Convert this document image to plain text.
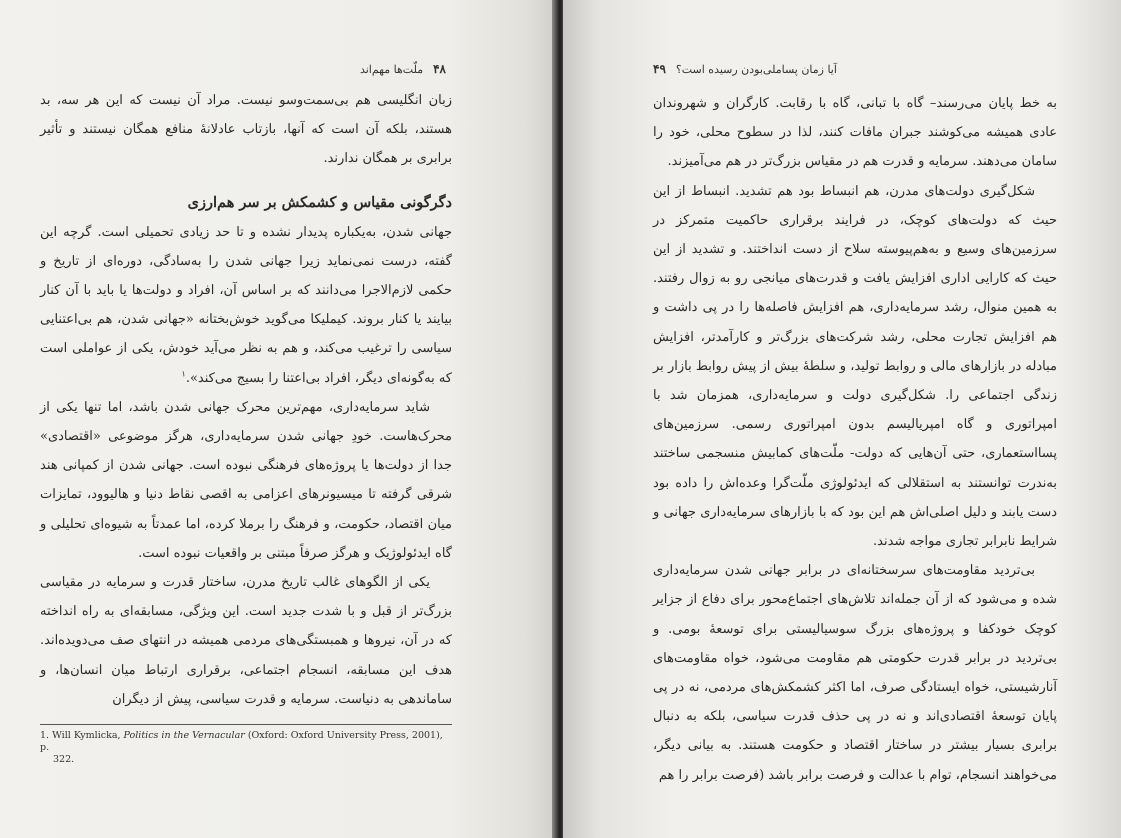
۴۸
ملّت‌ها مهم‌اند

زبان انگلیسی هم بی‌سمت‌وسو نیست. مراد آن نیست که این هر سه، بد هستند، بلکه آن است که آنها، بازتاب عادلانهٔ منافع همگان نیستند و تأثیر برابری بر همگان ندارند.

دگرگونی مقیاس و کشمکش بر سر هم‌ارزی

جهانی شدن، به‌یکباره پدیدار نشده و تا حد زیادی تحمیلی است. گرچه این گفته، درست نمی‌نماید زیرا جهانی شدن را به‌سادگی، دوره‌ای از تاریخ و حکمی لازم‌الاجرا می‌دانند که بر اساس آن، افراد و دولت‌ها یا باید با آن کنار بیایند یا کنار بروند. کیملیکا می‌گوید خوش‌بختانه «جهانی شدن، هم بی‌اعتنایی سیاسی را ترغیب می‌کند، و هم به نظر می‌آید خودش، یکی از عواملی است که به‌گونه‌ای دیگر، افراد بی‌اعتنا را بسیج می‌کند».$^۱$

شاید سرمایه‌داری، مهم‌ترین محرک جهانی شدن باشد، اما تنها یکی از محرک‌هاست. خودِ جهانی شدن سرمایه‌داری، هرگز موضوعی «اقتصادی» جدا از دولت‌ها یا پروژه‌های فرهنگی نبوده است. جهانی شدن از کمپانی هند شرقی گرفته تا میسیونرهای اعزامی به اقصی نقاط دنیا و هالیوود، تمایزات میان اقتصاد، حکومت، و فرهنگ را برملا کرده، اما عمدتاً به شیوه‌ای تحلیلی و گاه ایدئولوژیک و هرگز صرفاً مبتنی بر واقعیات نبوده است.

یکی از الگوهای غالب تاریخ مدرن، ساختار قدرت و سرمایه در مقیاسی بزرگ‌تر از قبل و با شدت جدید است. این ویژگی، مسابقه‌ای به راه انداخته که در آن، نیروها و همبستگی‌های مردمی همیشه در انتهای صف می‌دویده‌اند. هدف این مسابقه، انسجام اجتماعی، برقراری ارتباط میان انسان‌ها، و ساماندهی به دنیاست. سرمایه و قدرت سیاسی، پیش از دیگران

1. Will Kymlicka, Politics in the Vernacular (Oxford: Oxford University Press, 2001), p.
322.
آیا زمان پساملی‌بودن رسیده است؟
۴۹

به خط پایان می‌رسند– گاه با تبانی، گاه با رقابت. کارگران و شهروندان عادی همیشه می‌کوشند جبران مافات کنند، لذا در سطوح محلی، خود را سامان می‌دهند. سرمایه و قدرت هم در مقیاس بزرگ‌تر در هم می‌آمیزند.

شکل‌گیری دولت‌های مدرن، هم انبساط بود هم تشدید. انبساط از این حیث که دولت‌های کوچک، در فرایند برقراری حاکمیت متمرکز در سرزمین‌های وسیع و به‌هم‌پیوسته سلاح از دست انداختند. و تشدید از این حیث که کارایی اداری افزایش یافت و قدرت‌های میانجی رو به زوال رفتند. به همین منوال، رشد سرمایه‌داری، هم افزایش فاصله‌ها را در پی داشت و هم افزایش تجارت محلی، رشد شرکت‌های بزرگ‌تر و کارآمدتر، افزایش مبادله در بازارهای مالی و روابط تولید، و سلطهٔ بیش از پیش روابط بازار بر زندگی اجتماعی را. شکل‌گیری دولت و سرمایه‌داری، همزمان شد با امپراتوری و گاه امپریالیسم بدون امپراتوری رسمی. سرزمین‌های پسااستعماری، حتی آن‌هایی که دولت- ملّت‌های کمابیش منسجمی ساختند به‌ندرت توانستند به استقلالی که ایدئولوژی ملّت‌گرا وعده‌اش را داده بود دست یابند و دلیل اصلی‌اش هم این بود که با بازارهای سرمایه‌داری جهانی و شرایط نابرابر تجاری مواجه شدند.

بی‌تردید مقاومت‌های سرسختانه‌ای در برابر جهانی شدن سرمایه‌داری شده و می‌شود که از آن جمله‌اند تلاش‌های اجتماع‌محور برای دفاع از جزایر کوچک خودکفا و پروژه‌های بزرگ سوسیالیستی برای توسعهٔ بومی. و بی‌تردید در برابر قدرت حکومتی هم مقاومت می‌شود، خواه مقاومت‌های آنارشیستی، خواه ایستادگی صرف، اما اکثر کشمکش‌های مردمی، نه در پی پایان توسعهٔ اقتصادی‌اند و نه در پی حذف قدرت سیاسی، بلکه به دنبال برابری بسیار بیشتر در ساختار اقتصاد و حکومت هستند. به بیانی دیگر، می‌خواهند انسجام، توام با عدالت و فرصت برابر باشد (فرصت برابر را هم
